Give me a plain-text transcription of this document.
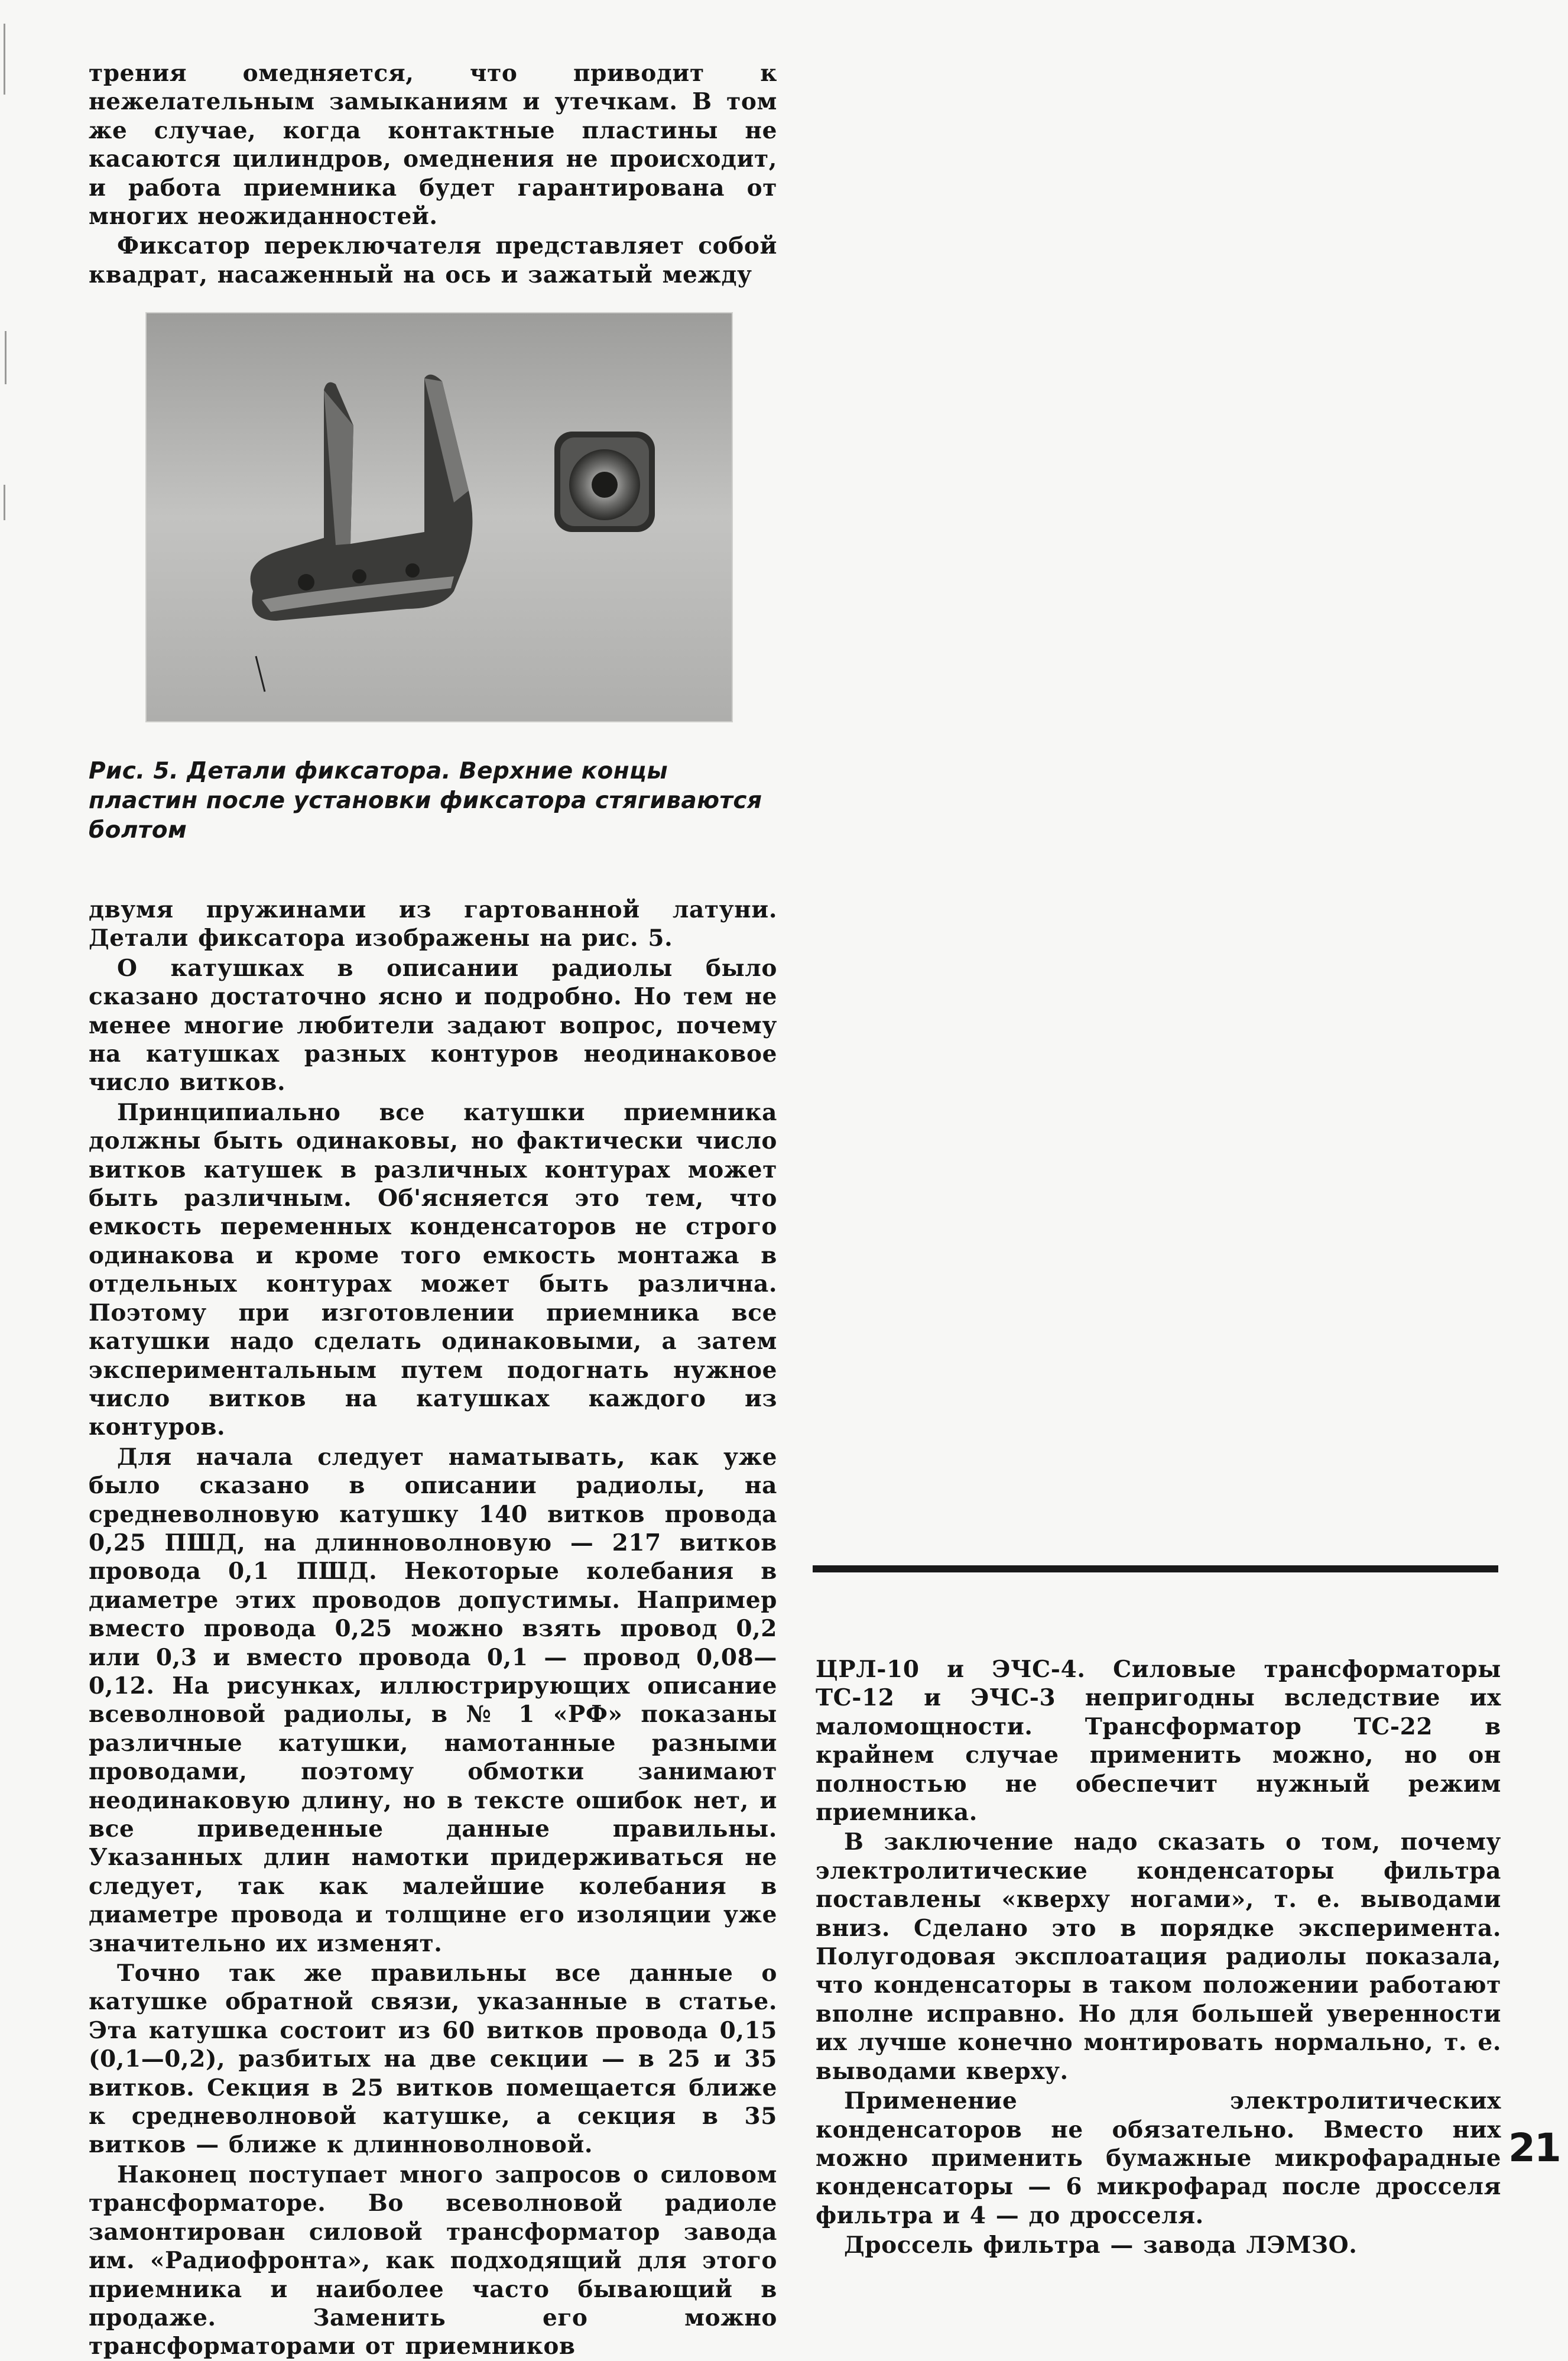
трения омедняется, что приводит к нежелательным замыканиям и утечкам. В том же случае, когда контактные пластины не касаются цилиндров, омеднения не происходит, и работа приемника будет гарантирована от многих неожиданностей.

Фиксатор переключателя представляет собой квадрат, насаженный на ось и зажатый между

Рис. 5. Детали фиксатора. Верхние концы пластин после установки фиксатора стягиваются болтом

двумя пружинами из гартованной латуни. Детали фиксатора изображены на рис. 5.

О катушках в описании радиолы было сказано достаточно ясно и подробно. Но тем не менее многие любители задают вопрос, почему на катушках разных контуров неодинаковое число витков.

Принципиально все катушки приемника должны быть одинаковы, но фактически число витков катушек в различных контурах может быть различным. Об'ясняется это тем, что емкость переменных конденсаторов не строго одинакова и кроме того емкость монтажа в отдельных контурах может быть различна. Поэтому при изготовлении приемника все катушки надо сделать одинаковыми, а затем экспериментальным путем подогнать нужное число витков на катушках каждого из контуров.

Для начала следует наматывать, как уже было сказано в описании радиолы, на средневолновую катушку 140 витков провода 0,25 ПШД, на длинноволновую — 217 витков провода 0,1 ПШД. Некоторые колебания в диаметре этих проводов допустимы. Например вместо провода 0,25 можно взять провод 0,2 или 0,3 и вместо провода 0,1 — провод 0,08—0,12. На рисунках, иллюстрирующих описание всеволновой радиолы, в № 1 «РФ» показаны различные катушки, намотанные разными проводами, поэтому обмотки занимают неодинаковую длину, но в тексте ошибок нет, и все приведенные данные правильны. Указанных длин намотки придерживаться не следует, так как малейшие колебания в диаметре провода и толщине его изоляции уже значительно их изменят.

Точно так же правильны все данные о катушке обратной связи, указанные в статье. Эта катушка состоит из 60 витков провода 0,15 (0,1—0,2), разбитых на две секции — в 25 и 35 витков. Секция в 25 витков помещается ближе к средневолновой катушке, а секция в 35 витков — ближе к длинноволновой.

Наконец поступает много запросов о силовом трансформаторе. Во всеволновой радиоле замонтирован силовой трансформатор завода им. «Радиофронта», как подходящий для этого приемника и наиболее часто бывающий в продаже. Заменить его можно трансформаторами от приемников

ЦРЛ-10 и ЭЧС-4. Силовые трансформаторы ТС-12 и ЭЧС-3 непригодны вследствие их маломощности. Трансформатор ТС-22 в крайнем случае применить можно, но он полностью не обеспечит нужный режим приемника.

В заключение надо сказать о том, почему электролитические конденсаторы фильтра поставлены «кверху ногами», т. е. выводами вниз. Сделано это в порядке эксперимента. Полугодовая эксплоатация радиолы показала, что конденсаторы в таком положении работают вполне исправно. Но для большей уверенности их лучше конечно монтировать нормально, т. е. выводами кверху.

Применение электролитических конденсаторов не обязательно. Вместо них можно применить бумажные микрофарадные конденсаторы — 6 микрофарад после дросселя фильтра и 4 — до дросселя.

Дроссель фильтра — завода ЛЭМЗО.

21
